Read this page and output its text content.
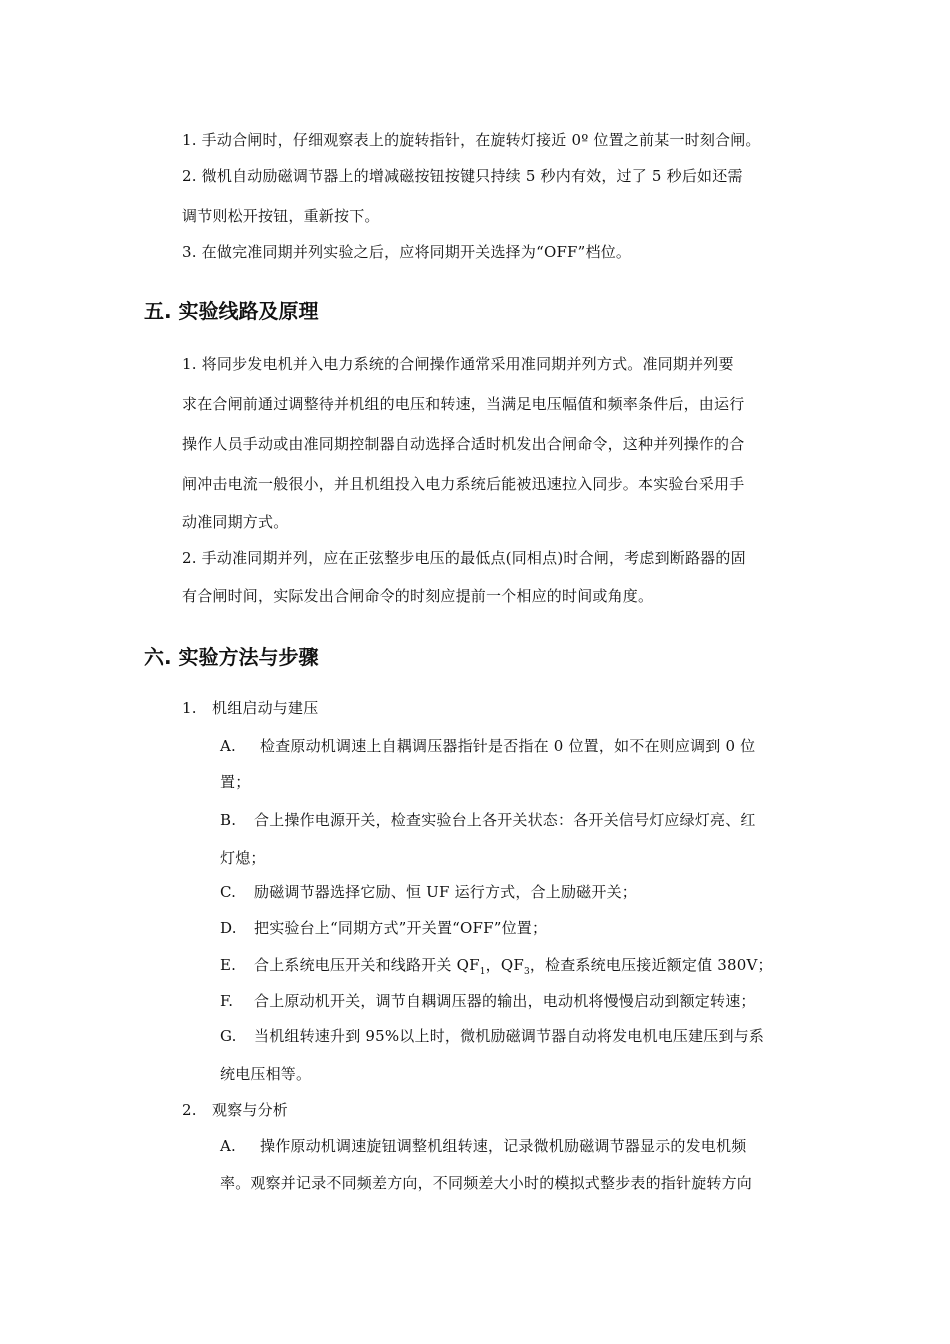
1. 手动合闸时，仔细观察表上的旋转指针，在旋转灯接近 0º 位置之前某一时刻合闸。
2. 微机自动励磁调节器上的增减磁按钮按键只持续 5 秒内有效，过了 5 秒后如还需
调节则松开按钮，重新按下。
3. 在做完准同期并列实验之后，应将同期开关选择为“OFF”档位。
五. 实验线路及原理
1. 将同步发电机并入电力系统的合闸操作通常采用准同期并列方式。准同期并列要
求在合闸前通过调整待并机组的电压和转速，当满足电压幅值和频率条件后，由运行
操作人员手动或由准同期控制器自动选择合适时机发出合闸命令，这种并列操作的合
闸冲击电流一般很小，并且机组投入电力系统后能被迅速拉入同步。本实验台采用手
动准同期方式。
2. 手动准同期并列，应在正弦整步电压的最低点(同相点)时合闸，考虑到断路器的固
有合闸时间，实际发出合闸命令的时刻应提前一个相应的时间或角度。
六. 实验方法与步骤
1. 机组启动与建压
A. 检查原动机调速上自耦调压器指针是否指在 0 位置，如不在则应调到 0 位
置；
B. 合上操作电源开关，检查实验台上各开关状态：各开关信号灯应绿灯亮、红
灯熄；
C. 励磁调节器选择它励、恒 UF 运行方式，合上励磁开关；
D. 把实验台上“同期方式”开关置“OFF”位置；
E. 合上系统电压开关和线路开关 $QF_1$，$QF_3$，检查系统电压接近额定值 380V；
F. 合上原动机开关，调节自耦调压器的输出，电动机将慢慢启动到额定转速；
G. 当机组转速升到 95%以上时，微机励磁调节器自动将发电机电压建压到与系
统电压相等。
2. 观察与分析
A. 操作原动机调速旋钮调整机组转速，记录微机励磁调节器显示的发电机频
率。观察并记录不同频差方向，不同频差大小时的模拟式整步表的指针旋转方向
